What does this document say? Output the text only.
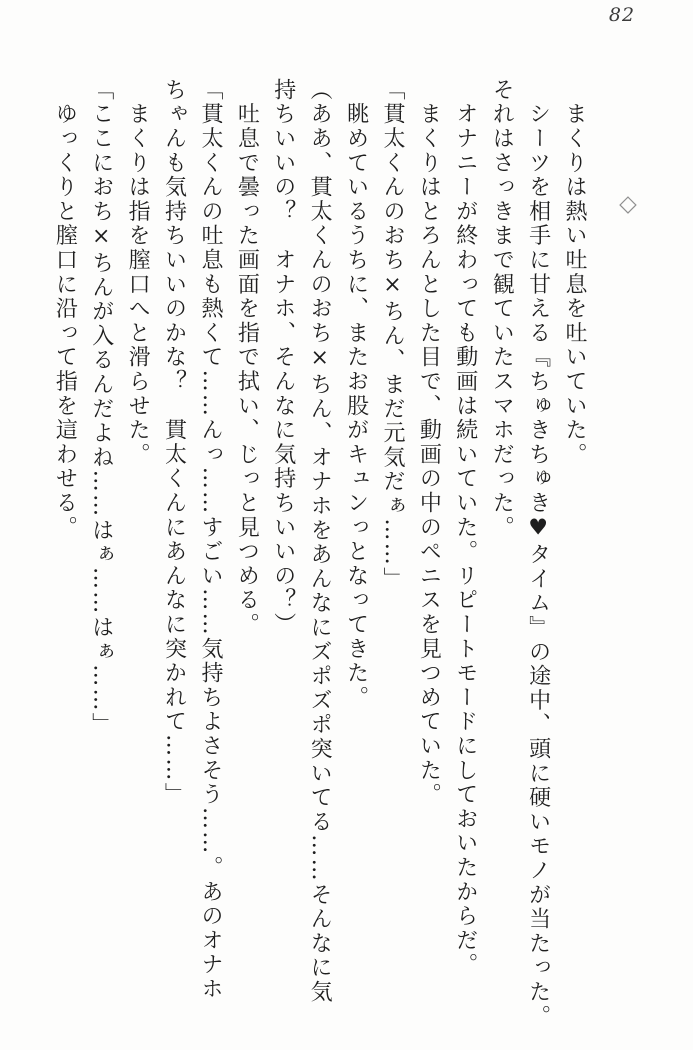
82

◇

　まくりは熱い吐息を吐いていた。

　シーツを相手に甘える『ちゅきちゅき♥タイム』の途中、頭に硬いモノが当たった。

それはさっきまで観ていたスマホだった。

　オナニーが終わっても動画は続いていた。リピートモードにしておいたからだ。

　まくりはとろんとした目で、動画の中のペニスを見つめていた。

「貫太くんのおち×ちん、まだ元気だぁ……」

　眺めているうちに、またお股がキュンっとなってきた。

（ああ、貫太くんのおち×ちん、オナホをあんなにズポズポ突いてる……そんなに気

持ちいいの？　オナホ、そんなに気持ちいいの？）

　吐息で曇った画面を指で拭い、じっと見つめる。

「貫太くんの吐息も熱くて……んっ……すごい……気持ちよさそう……。あのオナホ

ちゃんも気持ちいいのかな？　貫太くんにあんなに突かれて……」

　まくりは指を膣口へと滑らせた。

「ここにおち×ちんが入るんだよね……はぁ……はぁ……」

　ゆっくりと膣口に沿って指を這わせる。
